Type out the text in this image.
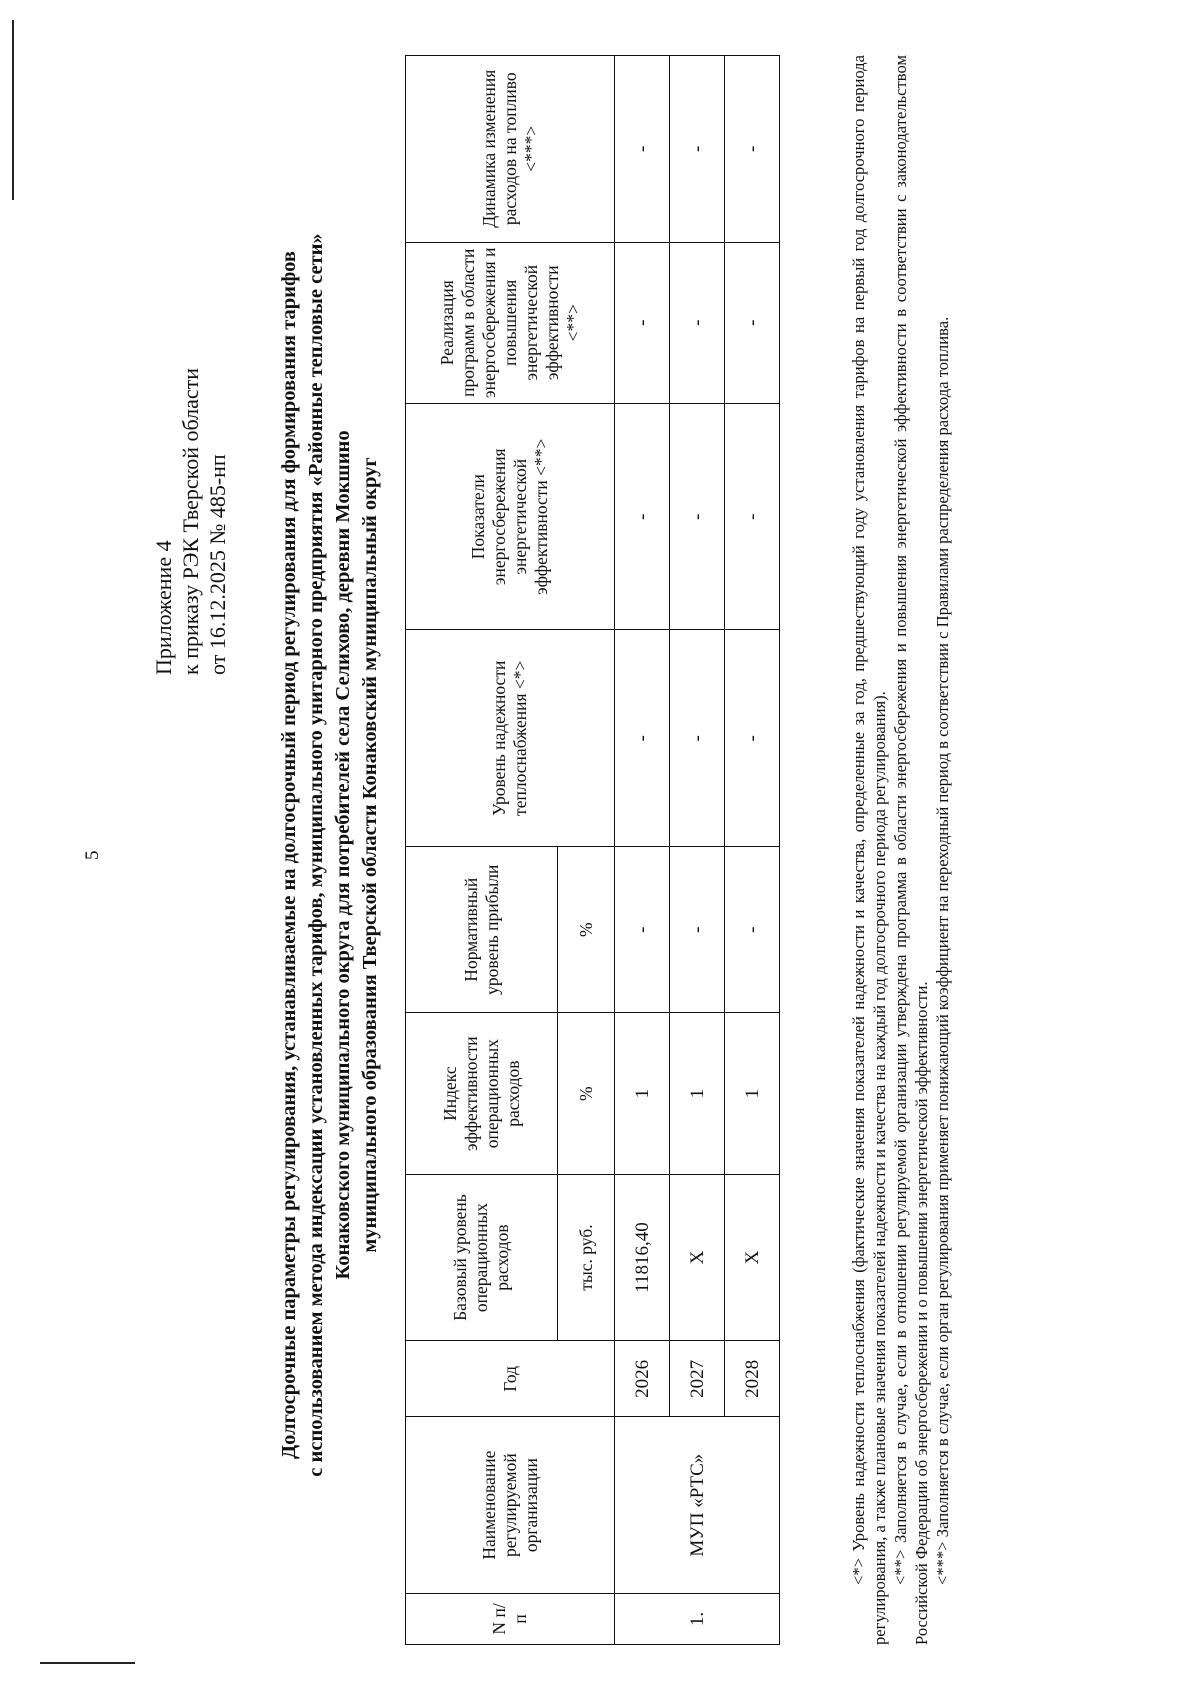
5
Приложение 4 к приказу РЭК Тверской области от 16.12.2025 № 485-нп Долгосрочные параметры регулирования, устанавливаемые на долгосрочный период регулирования для формирования тарифов с использованием метода индексации установленных тарифов, муниципального унитарного предприятия «Районные тепловые сети» Конаковского муниципального округа для потребителей села Селихово, деревни Мокшино муниципального образования Тверской области Конаковский муниципальный округ
N п/п	Наименование регулируемой организации	Год	Базовый уровень операционных расходов	Индекс эффективности операционных расходов	Нормативный уровень прибыли	Уровень надежности теплоснабжения <*>	Показатели энергосбережения энергетической эффективности <**>	Реализация программ в области энергосбережения и повышения энергетической эффективности <**>	Динамика изменения расходов на топливо <***>
			тыс. руб.	%	%				
1.	МУП «РТС»	2026	11816,40	1	-	-	-	-	-
		2027	X	1	-	-	-	-	-
		2028	X	1	-	-	-	-	-	<*> Уровень надежности теплоснабжения (фактические значения показателей надежности и качества, определенные за год, предшествующий году установления тарифов на первый год долгосрочного периода регулирования, а также плановые значения показателей надежности и качества на каждый год долгосрочного периода регулирования). <**> Заполняется в случае, если в отношении регулируемой организации утверждена программа в области энергосбережения и повышения энергетической эффективности в соответствии с законодательством Российской Федерации об энергосбережении и о повышении энергетической эффективности. <***> Заполняется в случае, если орган регулирования применяет понижающий коэффициент на переходный период в соответствии с Правилами распределения расхода топлива.
